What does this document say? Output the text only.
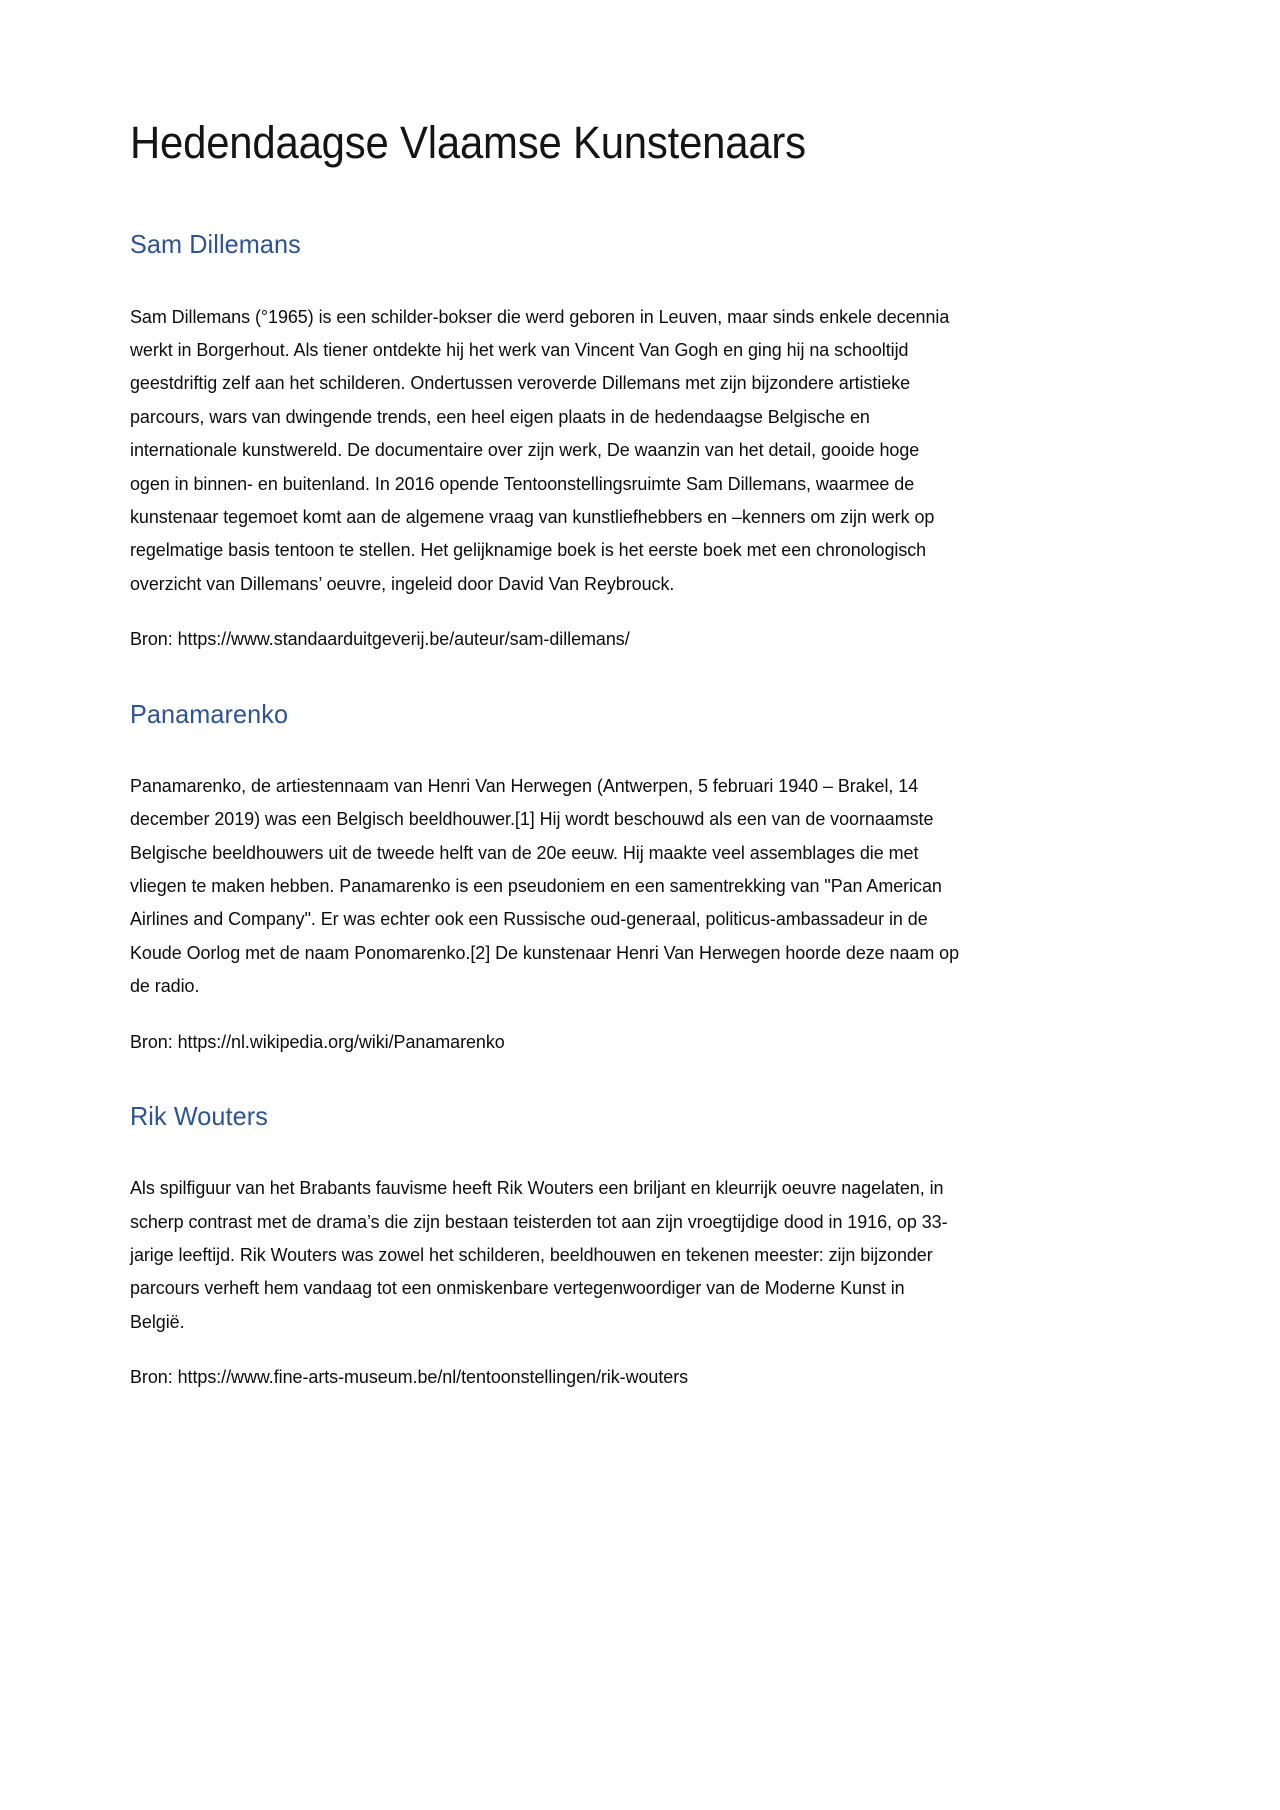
Hedendaagse Vlaamse Kunstenaars
Sam Dillemans

Sam Dillemans (°1965) is een schilder-bokser die werd geboren in Leuven, maar sinds enkele decennia werkt in Borgerhout. Als tiener ontdekte hij het werk van Vincent Van Gogh en ging hij na schooltijd geestdriftig zelf aan het schilderen. Ondertussen veroverde Dillemans met zijn bijzondere artistieke parcours, wars van dwingende trends, een heel eigen plaats in de hedendaagse Belgische en internationale kunstwereld. De documentaire over zijn werk, De waanzin van het detail, gooide hoge ogen in binnen- en buitenland. In 2016 opende Tentoonstellingsruimte Sam Dillemans, waarmee de kunstenaar tegemoet komt aan de algemene vraag van kunstliefhebbers en –kenners om zijn werk op regelmatige basis tentoon te stellen. Het gelijknamige boek is het eerste boek met een chronologisch overzicht van Dillemans’ oeuvre, ingeleid door David Van Reybrouck.

Bron: https://www.standaarduitgeverij.be/auteur/sam-dillemans/

Panamarenko

Panamarenko, de artiestennaam van Henri Van Herwegen (Antwerpen, 5 februari 1940 – Brakel, 14 december 2019) was een Belgisch beeldhouwer.[1] Hij wordt beschouwd als een van de voornaamste Belgische beeldhouwers uit de tweede helft van de 20e eeuw. Hij maakte veel assemblages die met vliegen te maken hebben. Panamarenko is een pseudoniem en een samentrekking van "Pan American Airlines and Company". Er was echter ook een Russische oud-generaal, politicus-ambassadeur in de Koude Oorlog met de naam Ponomarenko.[2] De kunstenaar Henri Van Herwegen hoorde deze naam op de radio.

Bron: https://nl.wikipedia.org/wiki/Panamarenko

Rik Wouters

Als spilfiguur van het Brabants fauvisme heeft Rik Wouters een briljant en kleurrijk oeuvre nagelaten, in scherp contrast met de drama’s die zijn bestaan teisterden tot aan zijn vroegtijdige dood in 1916, op 33-jarige leeftijd. Rik Wouters was zowel het schilderen, beeldhouwen en tekenen meester: zijn bijzonder parcours verheft hem vandaag tot een onmiskenbare vertegenwoordiger van de Moderne Kunst in België.

Bron: https://www.fine-arts-museum.be/nl/tentoonstellingen/rik-wouters
